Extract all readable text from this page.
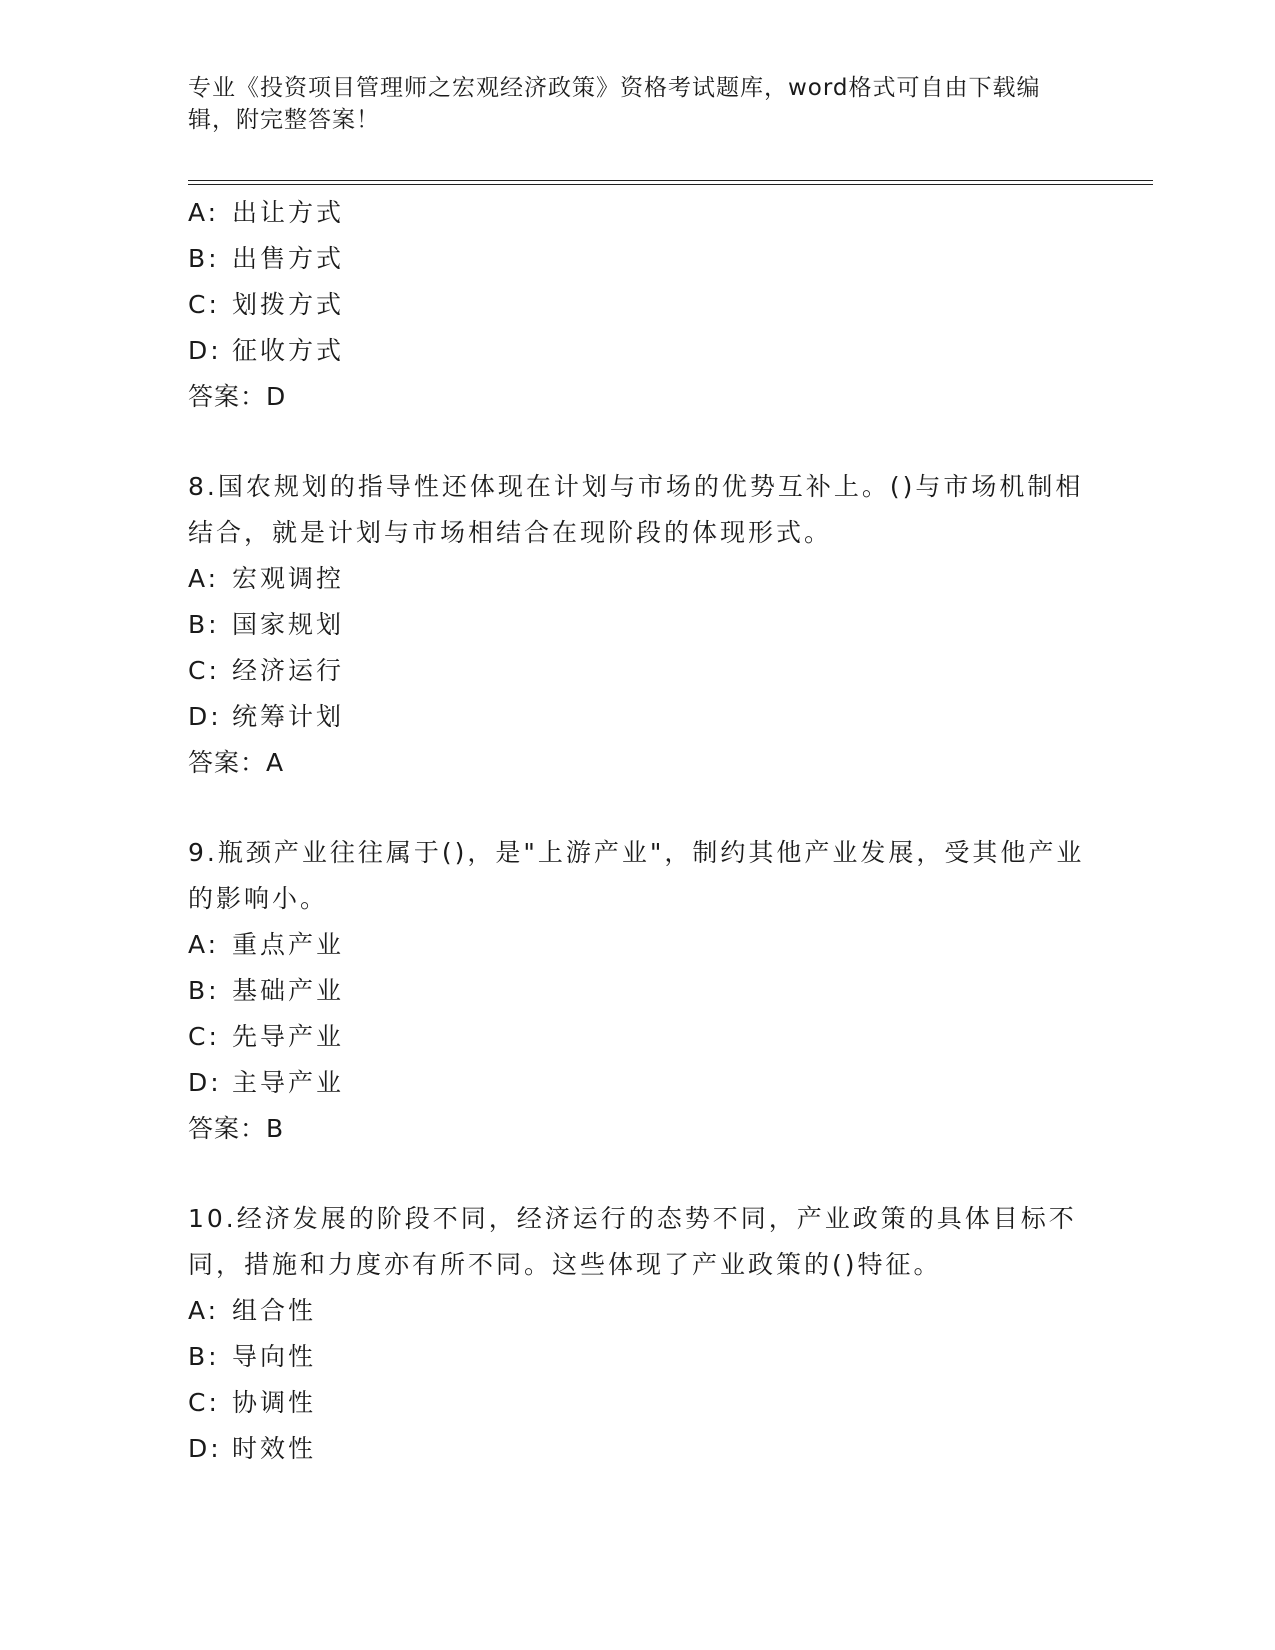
专业《投资项目管理师之宏观经济政策》资格考试题库，word格式可自由下载编辑，附完整答案！
A: 出让方式
B: 出售方式
C: 划拨方式
D: 征收方式
答案：D
8.国农规划的指导性还体现在计划与市场的优势互补上。()与市场机制相结合，就是计划与市场相结合在现阶段的体现形式。
A: 宏观调控
B: 国家规划
C: 经济运行
D: 统筹计划
答案：A
9.瓶颈产业往往属于()，是"上游产业"，制约其他产业发展，受其他产业的影响小。
A: 重点产业
B: 基础产业
C: 先导产业
D: 主导产业
答案：B
10.经济发展的阶段不同，经济运行的态势不同，产业政策的具体目标不同，措施和力度亦有所不同。这些体现了产业政策的()特征。
A: 组合性
B: 导向性
C: 协调性
D: 时效性
